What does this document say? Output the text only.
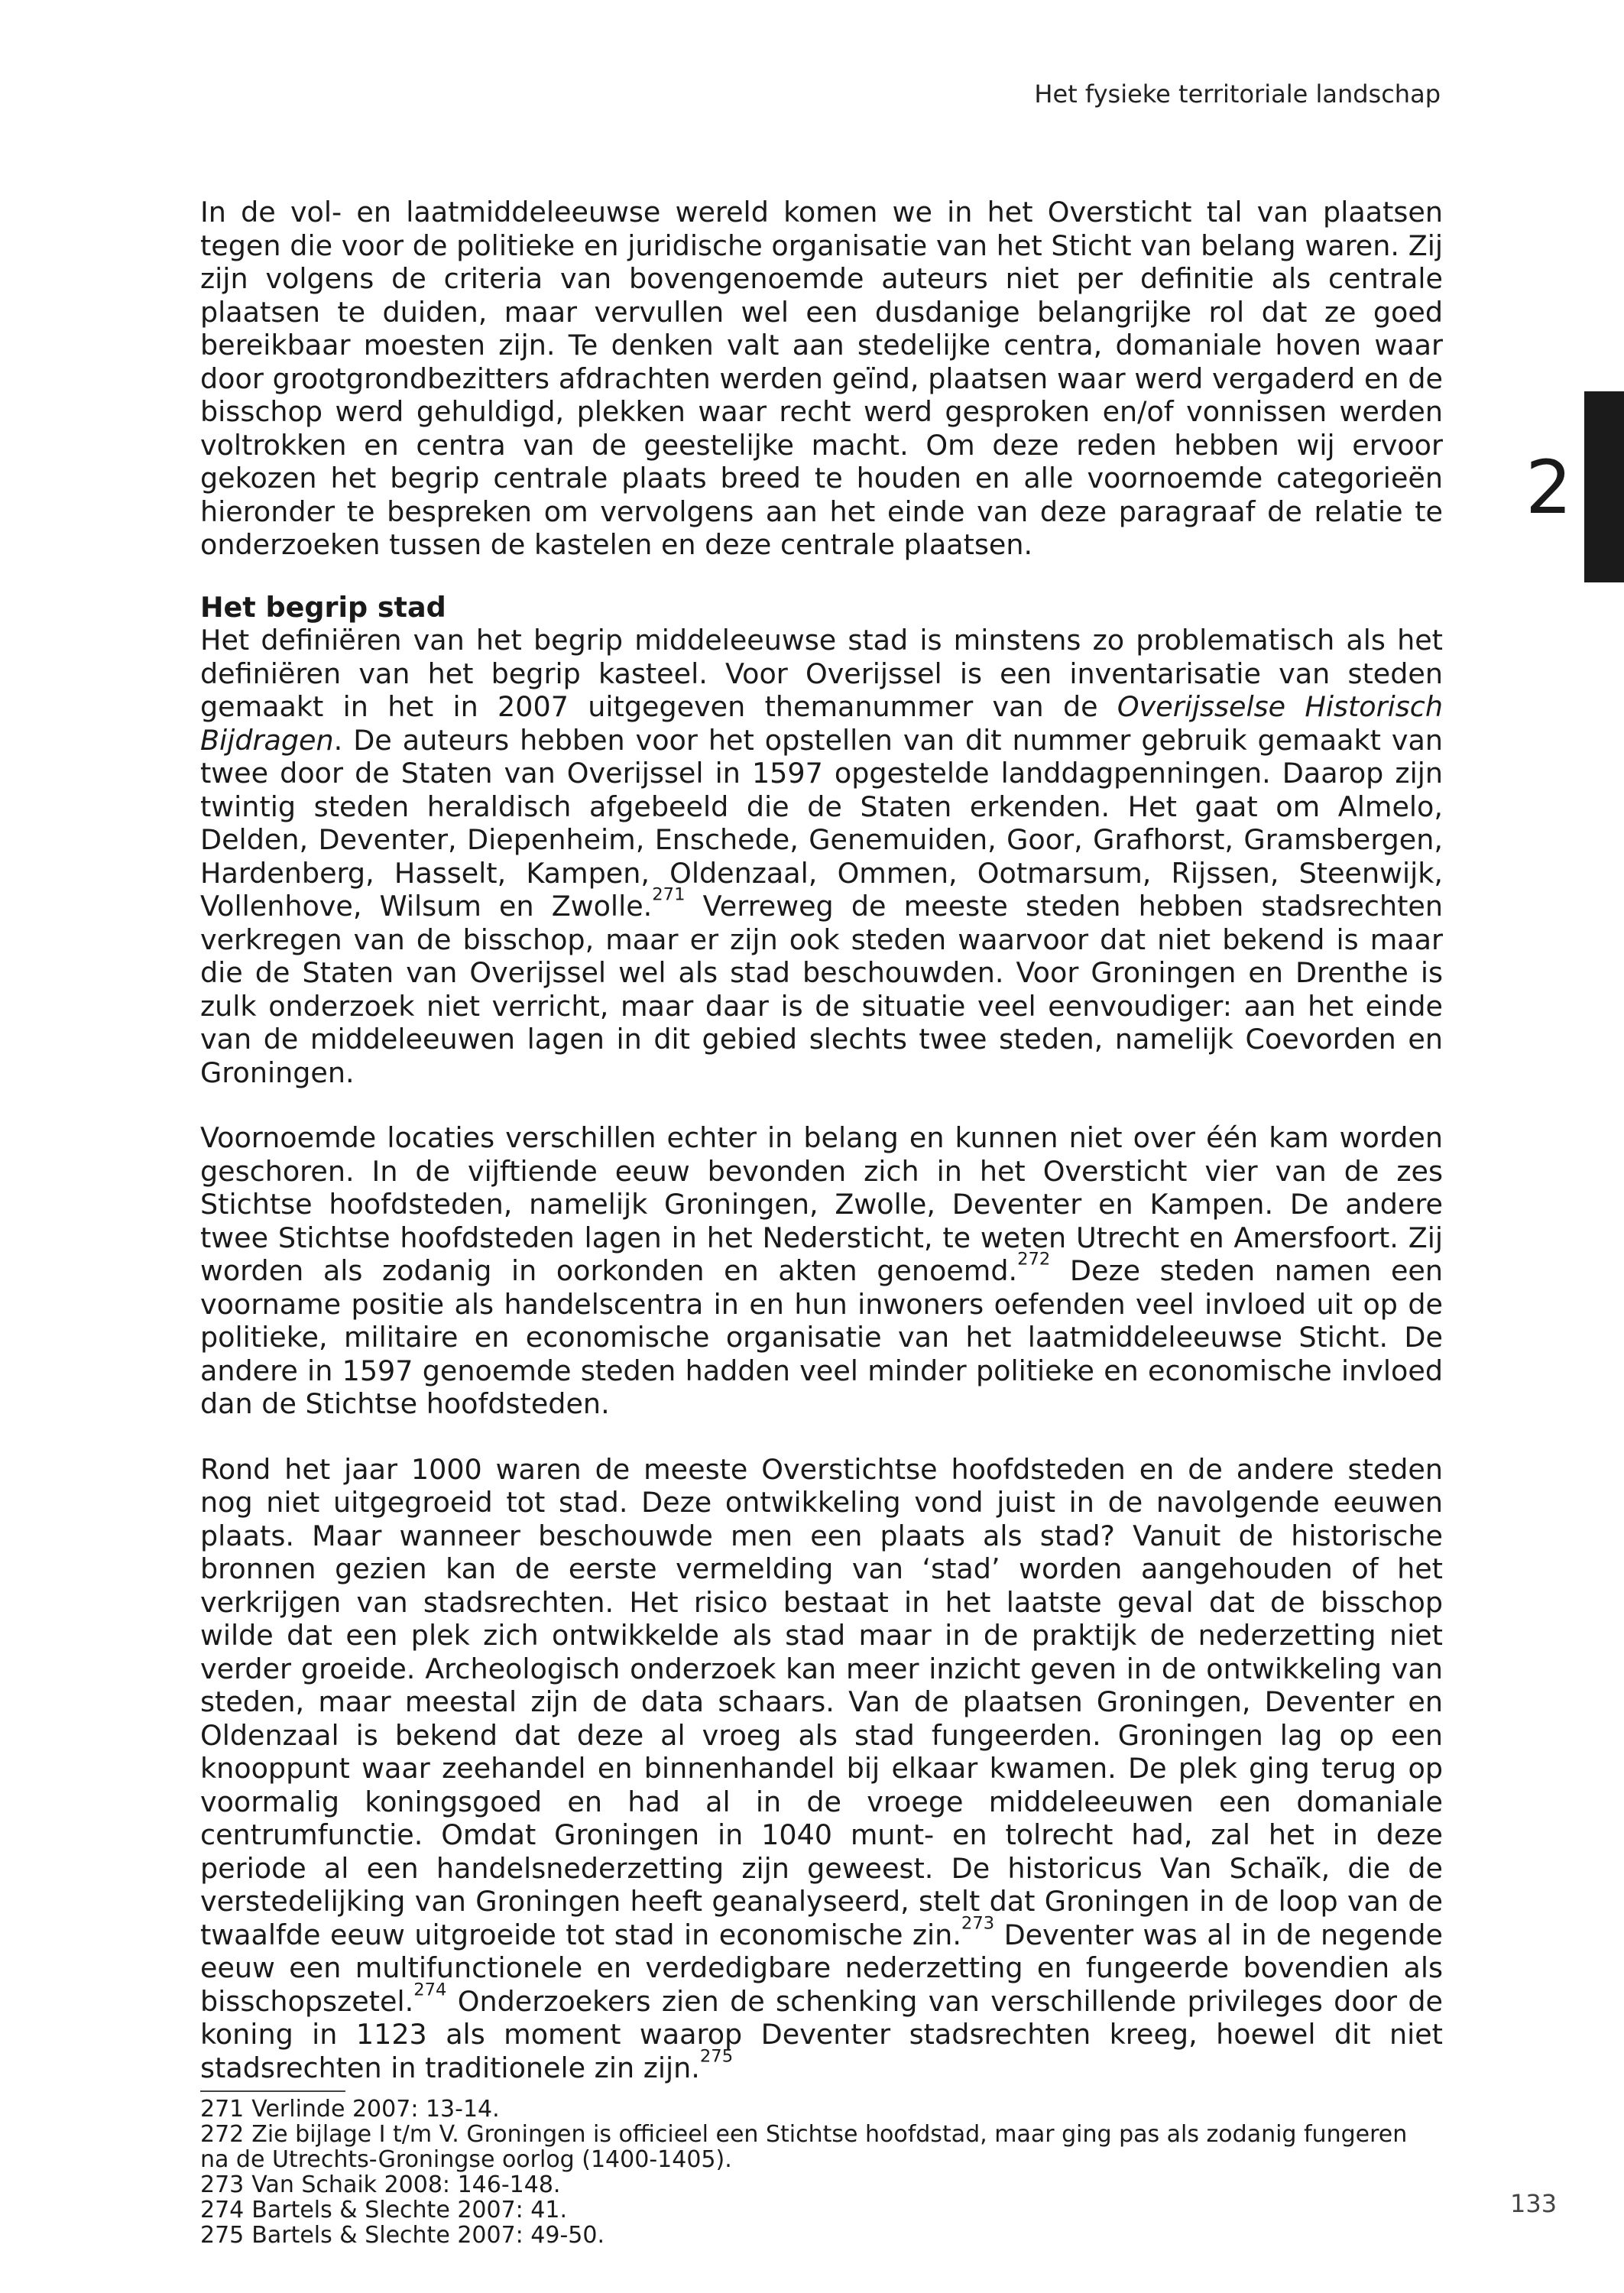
Het fysieke territoriale landschap
2

In de vol- en laatmiddeleeuwse wereld komen we in het Oversticht tal van plaatsen tegen die voor de politieke en juridische organisatie van het Sticht van belang waren. Zij zijn volgens de criteria van bovengenoemde auteurs niet per definitie als centrale plaatsen te duiden, maar vervullen wel een dusdanige belangrijke rol dat ze goed bereikbaar moesten zijn. Te denken valt aan stedelijke centra, domaniale hoven waar door grootgrondbezitters afdrachten werden geïnd, plaatsen waar werd vergaderd en de bisschop werd gehuldigd, plekken waar recht werd gesproken en/of vonnissen werden voltrokken en centra van de geestelijke macht. Om deze reden hebben wij ervoor gekozen het begrip centrale plaats breed te houden en alle voornoemde categorieën hieronder te bespreken om vervolgens aan het einde van deze paragraaf de relatie te onderzoeken tussen de kastelen en deze centrale plaatsen.

Het begrip stad

Het definiëren van het begrip middeleeuwse stad is minstens zo problematisch als het definiëren van het begrip kasteel. Voor Overijssel is een inventarisatie van steden gemaakt in het in 2007 uitgegeven themanummer van de Overijsselse Historisch Bijdragen. De auteurs hebben voor het opstellen van dit nummer gebruik gemaakt van twee door de Staten van Overijssel in 1597 opgestelde landdagpenningen. Daarop zijn twintig steden heraldisch afgebeeld die de Staten erkenden. Het gaat om Almelo, Delden, Deventer, Diepenheim, Enschede, Genemuiden, Goor, Grafhorst, Gramsbergen, Hardenberg, Hasselt, Kampen, Oldenzaal, Ommen, Ootmarsum, Rijssen, Steenwijk, Vollenhove, Wilsum en Zwolle.$^{271}$ Verreweg de meeste steden hebben stadsrechten verkregen van de bisschop, maar er zijn ook steden waarvoor dat niet bekend is maar die de Staten van Overijssel wel als stad beschouwden. Voor Groningen en Drenthe is zulk onderzoek niet verricht, maar daar is de situatie veel eenvoudiger: aan het einde van de middeleeuwen lagen in dit gebied slechts twee steden, namelijk Coevorden en Groningen.

Voornoemde locaties verschillen echter in belang en kunnen niet over één kam worden geschoren. In de vijftiende eeuw bevonden zich in het Oversticht vier van de zes Stichtse hoofdsteden, namelijk Groningen, Zwolle, Deventer en Kampen. De andere twee Stichtse hoofdsteden lagen in het Nedersticht, te weten Utrecht en Amersfoort. Zij worden als zodanig in oorkonden en akten genoemd.$^{272}$ Deze steden namen een voorname positie als handelscentra in en hun inwoners oefenden veel invloed uit op de politieke, militaire en economische organisatie van het laatmiddeleeuwse Sticht. De andere in 1597 genoemde steden hadden veel minder politieke en economische invloed dan de Stichtse hoofdsteden.

Rond het jaar 1000 waren de meeste Overstichtse hoofdsteden en de andere steden nog niet uitgegroeid tot stad. Deze ontwikkeling vond juist in de navolgende eeuwen plaats. Maar wanneer beschouwde men een plaats als stad? Vanuit de historische bronnen gezien kan de eerste vermelding van ‘stad’ worden aangehouden of het verkrijgen van stadsrechten. Het risico bestaat in het laatste geval dat de bisschop wilde dat een plek zich ontwikkelde als stad maar in de praktijk de nederzetting niet verder groeide. Archeologisch onderzoek kan meer inzicht geven in de ontwikkeling van steden, maar meestal zijn de data schaars. Van de plaatsen Groningen, Deventer en Oldenzaal is bekend dat deze al vroeg als stad fungeerden. Groningen lag op een knooppunt waar zeehandel en binnenhandel bij elkaar kwamen. De plek ging terug op voormalig koningsgoed en had al in de vroege middeleeuwen een domaniale centrumfunctie. Omdat Groningen in 1040 munt- en tolrecht had, zal het in deze periode al een handelsnederzetting zijn geweest. De historicus Van Schaïk, die de verstedelijking van Groningen heeft geanalyseerd, stelt dat Groningen in de loop van de twaalfde eeuw uitgroeide tot stad in economische zin.$^{273}$ Deventer was al in de negende eeuw een multifunctionele en verdedigbare nederzetting en fungeerde bovendien als bisschopszetel.$^{274}$ Onderzoekers zien de schenking van verschillende privileges door de koning in 1123 als moment waarop Deventer stadsrechten kreeg, hoewel dit niet stadsrechten in traditionele zin zijn.$^{275}$

271 Verlinde 2007: 13-14.

272 Zie bijlage I t/m V. Groningen is officieel een Stichtse hoofdstad, maar ging pas als zodanig fungeren na de Utrechts-Groningse oorlog (1400-1405).

273 Van Schaik 2008: 146-148.

274 Bartels & Slechte 2007: 41.

275 Bartels & Slechte 2007: 49-50.

133
